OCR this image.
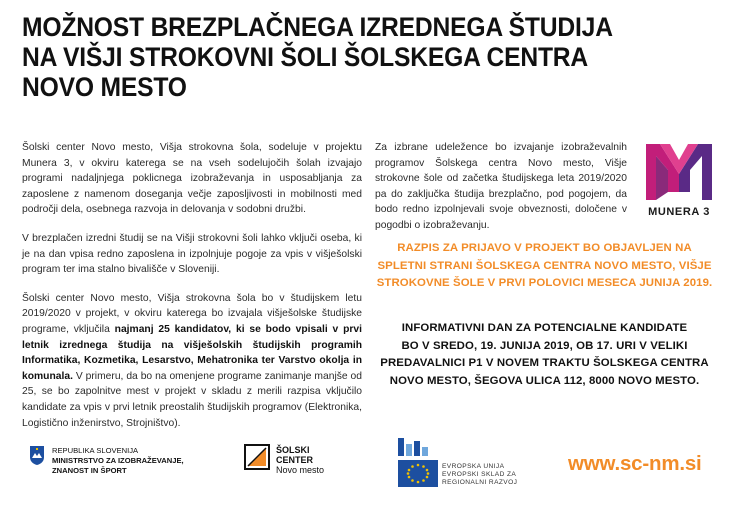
MOŽNOST BREZPLAČNEGA IZREDNEGA ŠTUDIJA
NA VIŠJI STROKOVNI ŠOLI ŠOLSKEGA CENTRA
NOVO MESTO

Šolski center Novo mesto, Višja strokovna šola, sodeluje v projektu Munera 3, v okviru katerega se na vseh sodelujočih šolah izvajajo programi nadaljnjega poklicnega izobraževanja in usposabljanja za zaposlene z namenom doseganja večje zaposljivosti in mobilnosti med področji dela, osebnega razvoja in delovanja v sodobni družbi.

V brezplačen izredni študij se na Višji strokovni šoli lahko vključi oseba, ki je na dan vpisa redno zaposlena in izpolnjuje pogoje za vpis v višješolski program ter ima stalno bivališče v Sloveniji.

Šolski center Novo mesto, Višja strokovna šola bo v študijskem letu 2019/2020 v projekt, v okviru katerega bo izvajala višješolske študijske programe, vključila najmanj 25 kandidatov, ki se bodo vpisali v prvi letnik izrednega študija na višješolskih študijskih programih Informatika, Kozmetika, Lesarstvo, Mehatronika ter Varstvo okolja in komunala. V primeru, da bo na omenjene programe zanimanje manjše od 25, se bo zapolnitve mest v projekt v skladu z merili razpisa vključilo kandidate za vpis v prvi letnik preostalih študijskih programov (Elektronika, Logistično inženirstvo, Strojništvo).

Za izbrane udeležence bo izvajanje izobraževalnih programov Šolskega centra Novo mesto, Višje strokovne šole od začetka študijskega leta 2019/2020 pa do zaključka študija brezplačno, pod pogojem, da bodo redno izpolnjevali svoje obveznosti, določene v pogodbi o izobraževanju.
MUNERA 3
RAZPIS ZA PRIJAVO V PROJEKT BO OBJAVLJEN NA
SPLETNI STRANI ŠOLSKEGA CENTRA NOVO MESTO, VIŠJE
STROKOVNE ŠOLE V PRVI POLOVICI MESECA JUNIJA 2019.
INFORMATIVNI DAN ZA POTENCIALNE KANDIDATE
BO V SREDO, 19. JUNIJA 2019, OB 17. URI V VELIKI
PREDAVALNICI P1 V NOVEM TRAKTU ŠOLSKEGA CENTRA
NOVO MESTO, ŠEGOVA ULICA 112, 8000 NOVO MESTO.
REPUBLIKA SLOVENIJA
MINISTRSTVO ZA IZOBRAŽEVANJE,
ZNANOST IN ŠPORT
ŠOLSKI
CENTER
Novo mesto	EVROPSKA UNIJA
EVROPSKI SKLAD ZA
REGIONALNI RAZVOJ
www.sc-nm.si
